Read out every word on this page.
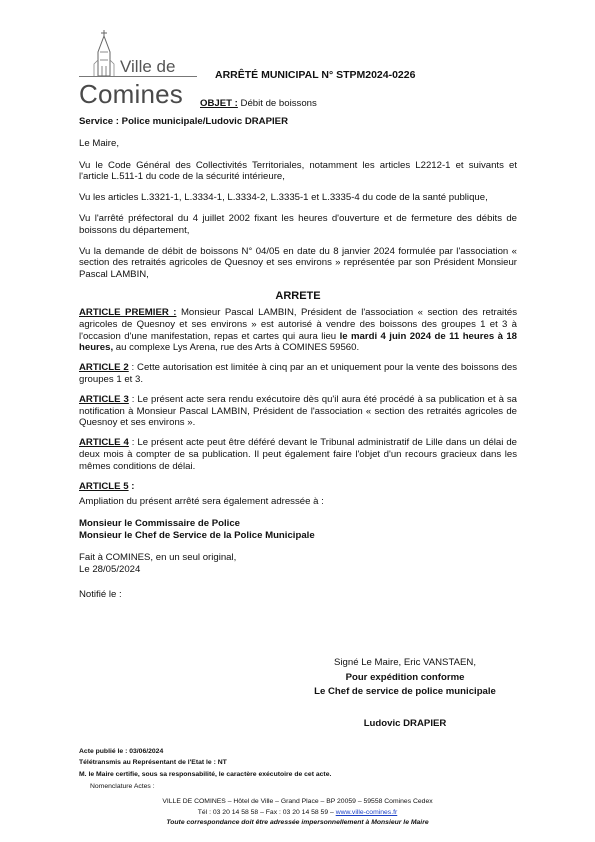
Ville de
Comines
ARRÊTÉ MUNICIPAL N° STPM2024-0226
OBJET : Débit de boissons

Service : Police municipale/Ludovic DRAPIER

Le Maire,

Vu le Code Général des Collectivités Territoriales, notamment les articles L2212-1 et suivants et l'article L.511-1 du code de la sécurité intérieure,

Vu les articles L.3321-1, L.3334-1, L.3334-2, L.3335-1 et L.3335-4 du code de la santé publique,

Vu l'arrêté préfectoral du 4 juillet 2002 fixant les heures d'ouverture et de fermeture des débits de boissons du département,

Vu la demande de débit de boissons N° 04/05 en date du 8 janvier 2024 formulée par l'association « section des retraités agricoles de Quesnoy et ses environs » représentée par son Président Monsieur Pascal LAMBIN,

ARRETE

ARTICLE PREMIER : Monsieur Pascal LAMBIN, Président de l'association « section des retraités agricoles de Quesnoy et ses environs » est autorisé à vendre des boissons des groupes 1 et 3 à l'occasion d'une manifestation, repas et cartes qui aura lieu le mardi 4 juin 2024 de 11 heures à 18 heures, au complexe Lys Arena, rue des Arts à COMINES 59560.

ARTICLE 2 : Cette autorisation est limitée à cinq par an et uniquement pour la vente des boissons des groupes 1 et 3.

ARTICLE 3 : Le présent acte sera rendu exécutoire dès qu'il aura été procédé à sa publication et à sa notification à Monsieur Pascal LAMBIN, Président de l'association « section des retraités agricoles de Quesnoy et ses environs ».

ARTICLE 4 : Le présent acte peut être déféré devant le Tribunal administratif de Lille dans un délai de deux mois à compter de sa publication. Il peut également faire l'objet d'un recours gracieux dans les mêmes conditions de délai.

ARTICLE 5 :

Ampliation du présent arrêté sera également adressée à :

Monsieur le Commissaire de Police

Monsieur le Chef de Service de la Police Municipale

Fait à COMINES, en un seul original,

Le 28/05/2024

Notifié le :

Signé Le Maire, Eric VANSTAEN,
Pour expédition conforme
Le Chef de service de police municipale
Ludovic DRAPIER
Acte publié le : 03/06/2024
Télétransmis au Représentant de l'Etat le : NT
M. le Maire certifie, sous sa responsabilité, le caractère exécutoire de cet acte.
Nomenclature Actes :
VILLE DE COMINES – Hôtel de Ville – Grand Place – BP 20059 – 59558 Comines Cedex
Tél : 03 20 14 58 58 – Fax : 03 20 14 58 59 – www.ville-comines.fr
Toute correspondance doit être adressée impersonnellement à Monsieur le Maire
